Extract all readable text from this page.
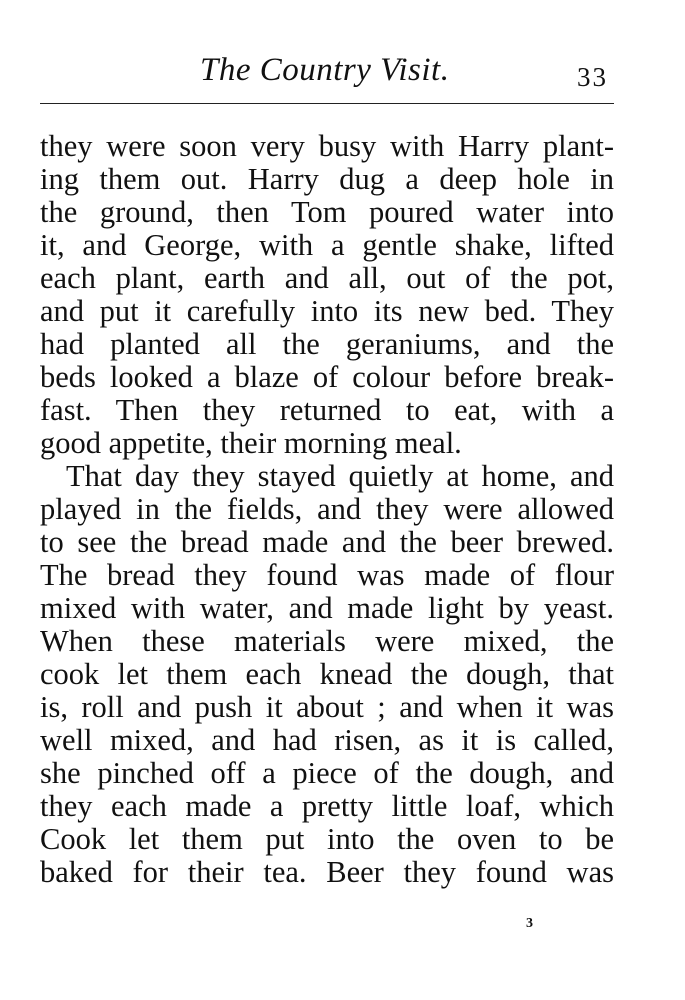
The Country Visit.	33
they were soon very busy with Harry plant-
ing them out. Harry dug a deep hole in
the ground, then Tom poured water into
it, and George, with a gentle shake, lifted
each plant, earth and all, out of the pot,
and put it carefully into its new bed. They
had planted all the geraniums, and the
beds looked a blaze of colour before break-
fast. Then they returned to eat, with a
good appetite, their morning meal.
That day they stayed quietly at home, and
played in the fields, and they were allowed
to see the bread made and the beer brewed.
The bread they found was made of flour
mixed with water, and made light by yeast.
When these materials were mixed, the
cook let them each knead the dough, that
is, roll and push it about ; and when it was
well mixed, and had risen, as it is called,
she pinched off a piece of the dough, and
they each made a pretty little loaf, which
Cook let them put into the oven to be
baked for their tea. Beer they found was
3
